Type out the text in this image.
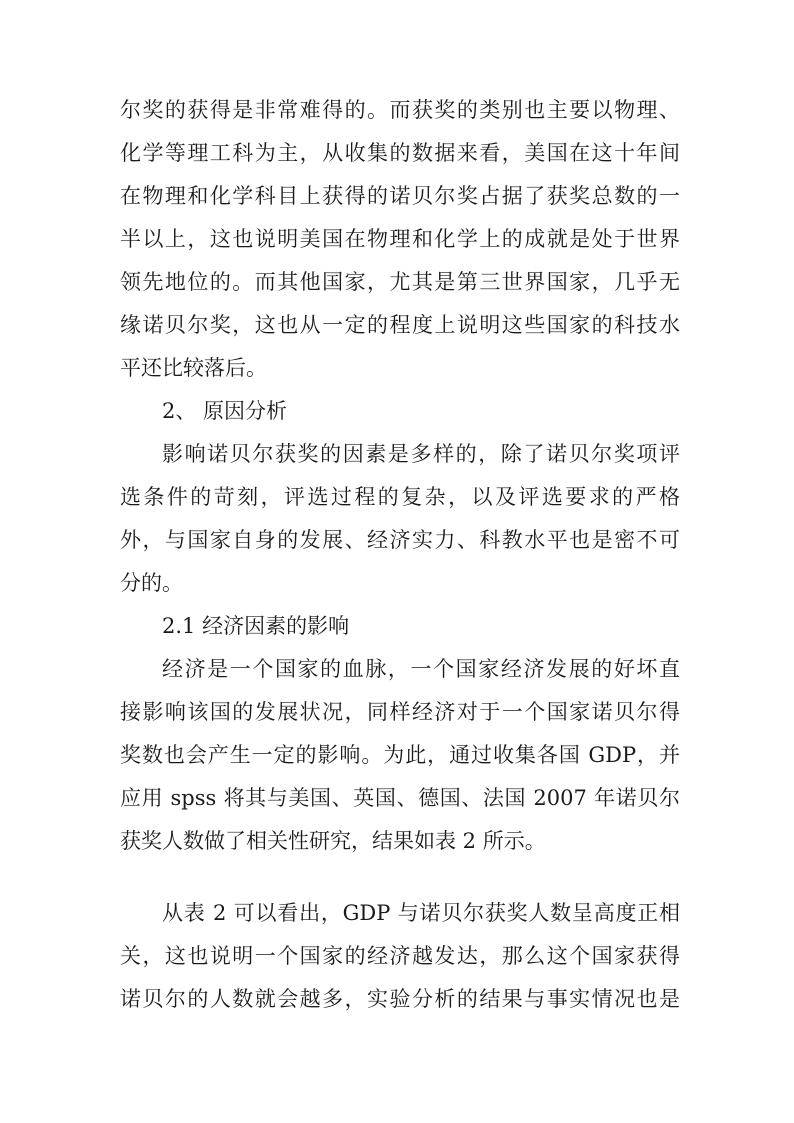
尔奖的获得是非常难得的。而获奖的类别也主要以物理、
化学等理工科为主，从收集的数据来看，美国在这十年间
在物理和化学科目上获得的诺贝尔奖占据了获奖总数的一
半以上，这也说明美国在物理和化学上的成就是处于世界
领先地位的。而其他国家，尤其是第三世界国家，几乎无
缘诺贝尔奖，这也从一定的程度上说明这些国家的科技水
平还比较落后。
2、 原因分析
影响诺贝尔获奖的因素是多样的，除了诺贝尔奖项评
选条件的苛刻，评选过程的复杂，以及评选要求的严格
外，与国家自身的发展、经济实力、科教水平也是密不可
分的。
2.1 经济因素的影响
经济是一个国家的血脉，一个国家经济发展的好坏直
接影响该国的发展状况，同样经济对于一个国家诺贝尔得
奖数也会产生一定的影响。为此，通过收集各国 GDP，并
应用 spss 将其与美国、英国、德国、法国 2007 年诺贝尔
获奖人数做了相关性研究，结果如表 2 所示。
从表 2 可以看出，GDP 与诺贝尔获奖人数呈高度正相
关，这也说明一个国家的经济越发达，那么这个国家获得
诺贝尔的人数就会越多，实验分析的结果与事实情况也是
